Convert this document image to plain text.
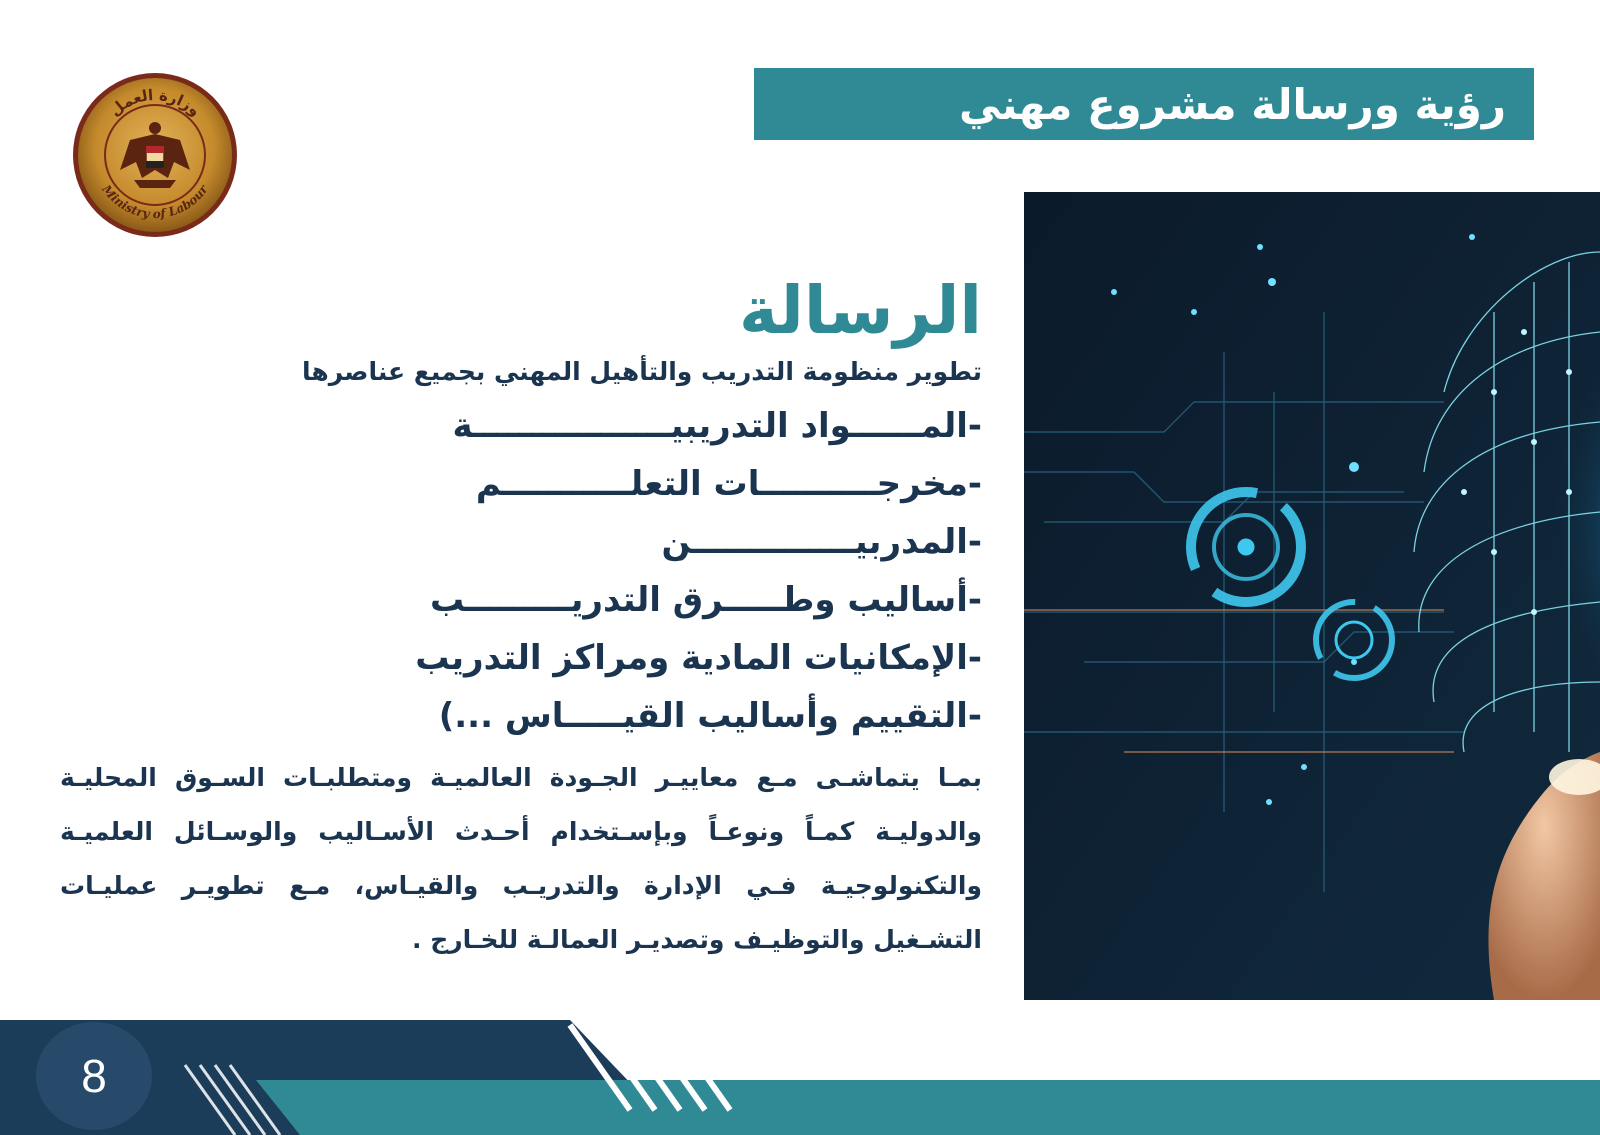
رؤية ورسالة مشروع مهني
وزارة العمل
Ministry of Labour
الرسالة
تطوير منظومة التدريب والتأهيل المهني بجميع عناصرها
-المــــــواد التدريبيـــــــــــــــــة
-مخرجــــــــــات التعلـــــــــــم
-المدربيــــــــــــــن
-أساليب وطـــــرق التدريـــــــــب
-الإمكانيات المادية ومراكز التدريب
-التقييم وأساليب القيـــــاس ...)
بمـا يتماشـى مـع معاييـر الجـودة العالميـة ومتطلبـات السـوق المحليـة والدوليـة كمـاً ونوعـاً وبإسـتخدام أحـدث الأسـاليب والوسـائل العلميـة والتكنولوجيـة فـي الإدارة والتدريـب والقيـاس، مـع تطويـر عمليـات التشـغيل والتوظيـف وتصديـر العمالـة للخـارج .
8
